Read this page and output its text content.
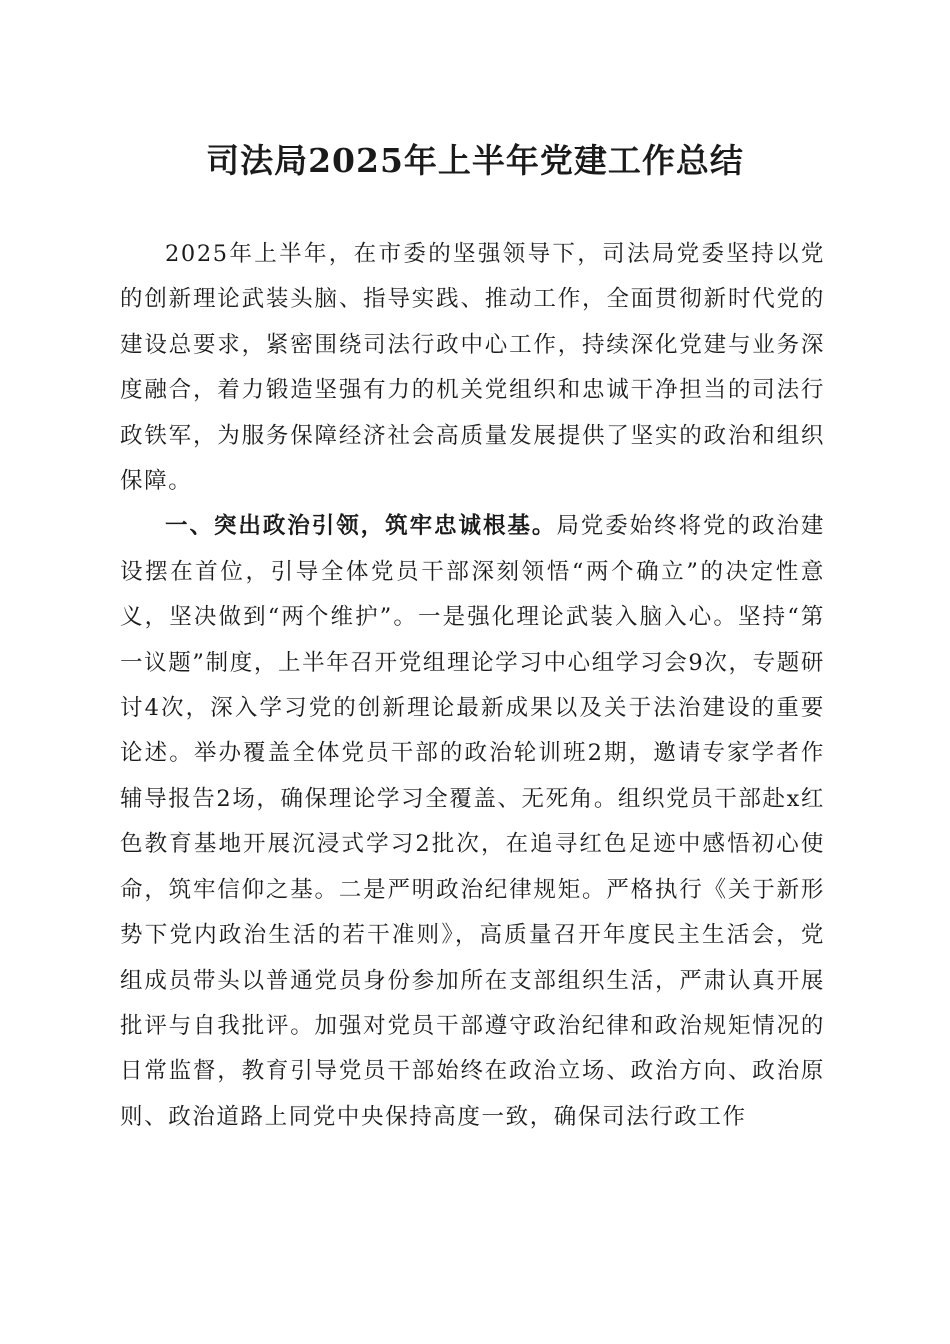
司法局2025年上半年党建工作总结

2025年上半年，在市委的坚强领导下，司法局党委坚持以党的创新理论武装头脑、指导实践、推动工作，全面贯彻新时代党的建设总要求，紧密围绕司法行政中心工作，持续深化党建与业务深度融合，着力锻造坚强有力的机关党组织和忠诚干净担当的司法行政铁军，为服务保障经济社会高质量发展提供了坚实的政治和组织保障。

一、突出政治引领，筑牢忠诚根基。局党委始终将党的政治建设摆在首位，引导全体党员干部深刻领悟“两个确立”的决定性意义，坚决做到“两个维护”。一是强化理论武装入脑入心。坚持“第一议题”制度，上半年召开党组理论学习中心组学习会9次，专题研讨4次，深入学习党的创新理论最新成果以及关于法治建设的重要论述。举办覆盖全体党员干部的政治轮训班2期，邀请专家学者作辅导报告2场，确保理论学习全覆盖、无死角。组织党员干部赴x红色教育基地开展沉浸式学习2批次，在追寻红色足迹中感悟初心使命，筑牢信仰之基。二是严明政治纪律规矩。严格执行《关于新形势下党内政治生活的若干准则》，高质量召开年度民主生活会，党组成员带头以普通党员身份参加所在支部组织生活，严肃认真开展批评与自我批评。加强对党员干部遵守政治纪律和政治规矩情况的日常监督，教育引导党员干部始终在政治立场、政治方向、政治原则、政治道路上同党中央保持高度一致，确保司法行政工作
